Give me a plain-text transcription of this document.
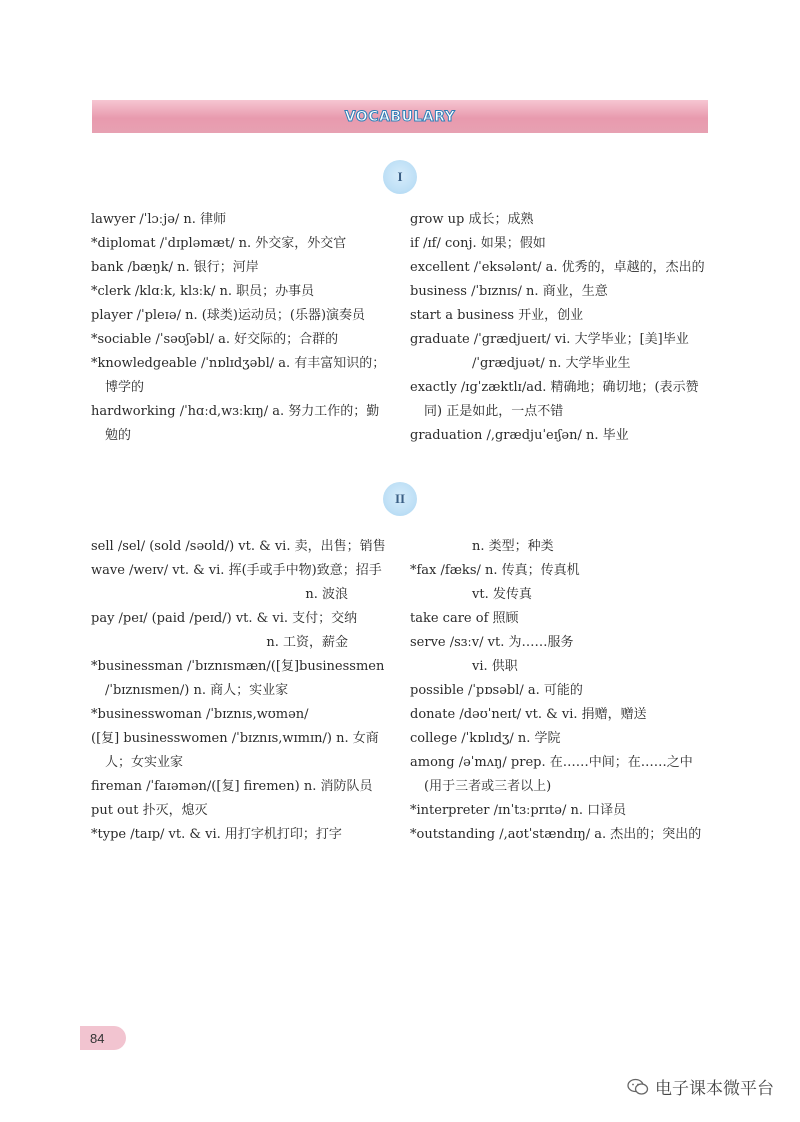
VOCABULARY
I
II
lawyer /ˈlɔːjə/ n. 律师
*diplomat /ˈdɪpləmæt/ n. 外交家，外交官
bank /bæŋk/ n. 银行；河岸
*clerk /klɑːk, klɜːk/ n. 职员；办事员
player /ˈpleɪə/ n. (球类)运动员；(乐器)演奏员
*sociable /ˈsəʊʃəbl/ a. 好交际的；合群的
*knowledgeable /ˈnɒlɪdʒəbl/ a. 有丰富知识的；
博学的
hardworking /ˈhɑːd,wɜːkɪŋ/ a. 努力工作的；勤
勉的
grow up 成长；成熟
if /ɪf/ conj. 如果；假如
excellent /ˈeksələnt/ a. 优秀的，卓越的，杰出的
business /ˈbɪznɪs/ n. 商业，生意
start a business 开业，创业
graduate /ˈgrædjueɪt/ vi. 大学毕业；[美]毕业
/ˈgrædjuət/ n. 大学毕业生
exactly /ɪgˈzæktlɪ/ad. 精确地；确切地；(表示赞
同) 正是如此，一点不错
graduation /,grædjuˈeɪʃən/ n. 毕业
sell /sel/ (sold /səʊld/) vt. & vi. 卖，出售；销售
wave /weɪv/ vt. & vi. 挥(手或手中物)致意；招手
n. 波浪
pay /peɪ/ (paid /peɪd/) vt. & vi. 支付；交纳
n. 工资，薪金
*businessman /ˈbɪznɪsmæn/([复]businessmen
/ˈbɪznɪsmen/) n. 商人；实业家
*businesswoman /ˈbɪznɪs,wʊmən/
([复] businesswomen /ˈbɪznɪs,wɪmɪn/) n. 女商
人；女实业家
fireman /ˈfaɪəmən/([复] firemen) n. 消防队员
put out 扑灭，熄灭
*type /taɪp/ vt. & vi. 用打字机打印；打字
n. 类型；种类
*fax /fæks/ n. 传真；传真机
vt. 发传真
take care of 照顾
serve /sɜːv/ vt. 为……服务
vi. 供职
possible /ˈpɒsəbl/ a. 可能的
donate /dəʊˈneɪt/ vt. & vi. 捐赠，赠送
college /ˈkɒlɪdʒ/ n. 学院
among /əˈmʌŋ/ prep. 在……中间；在……之中
(用于三者或三者以上)
*interpreter /ɪnˈtɜːprɪtə/ n. 口译员
*outstanding /,aʊtˈstændɪŋ/ a. 杰出的；突出的
84
电子课本微平台
